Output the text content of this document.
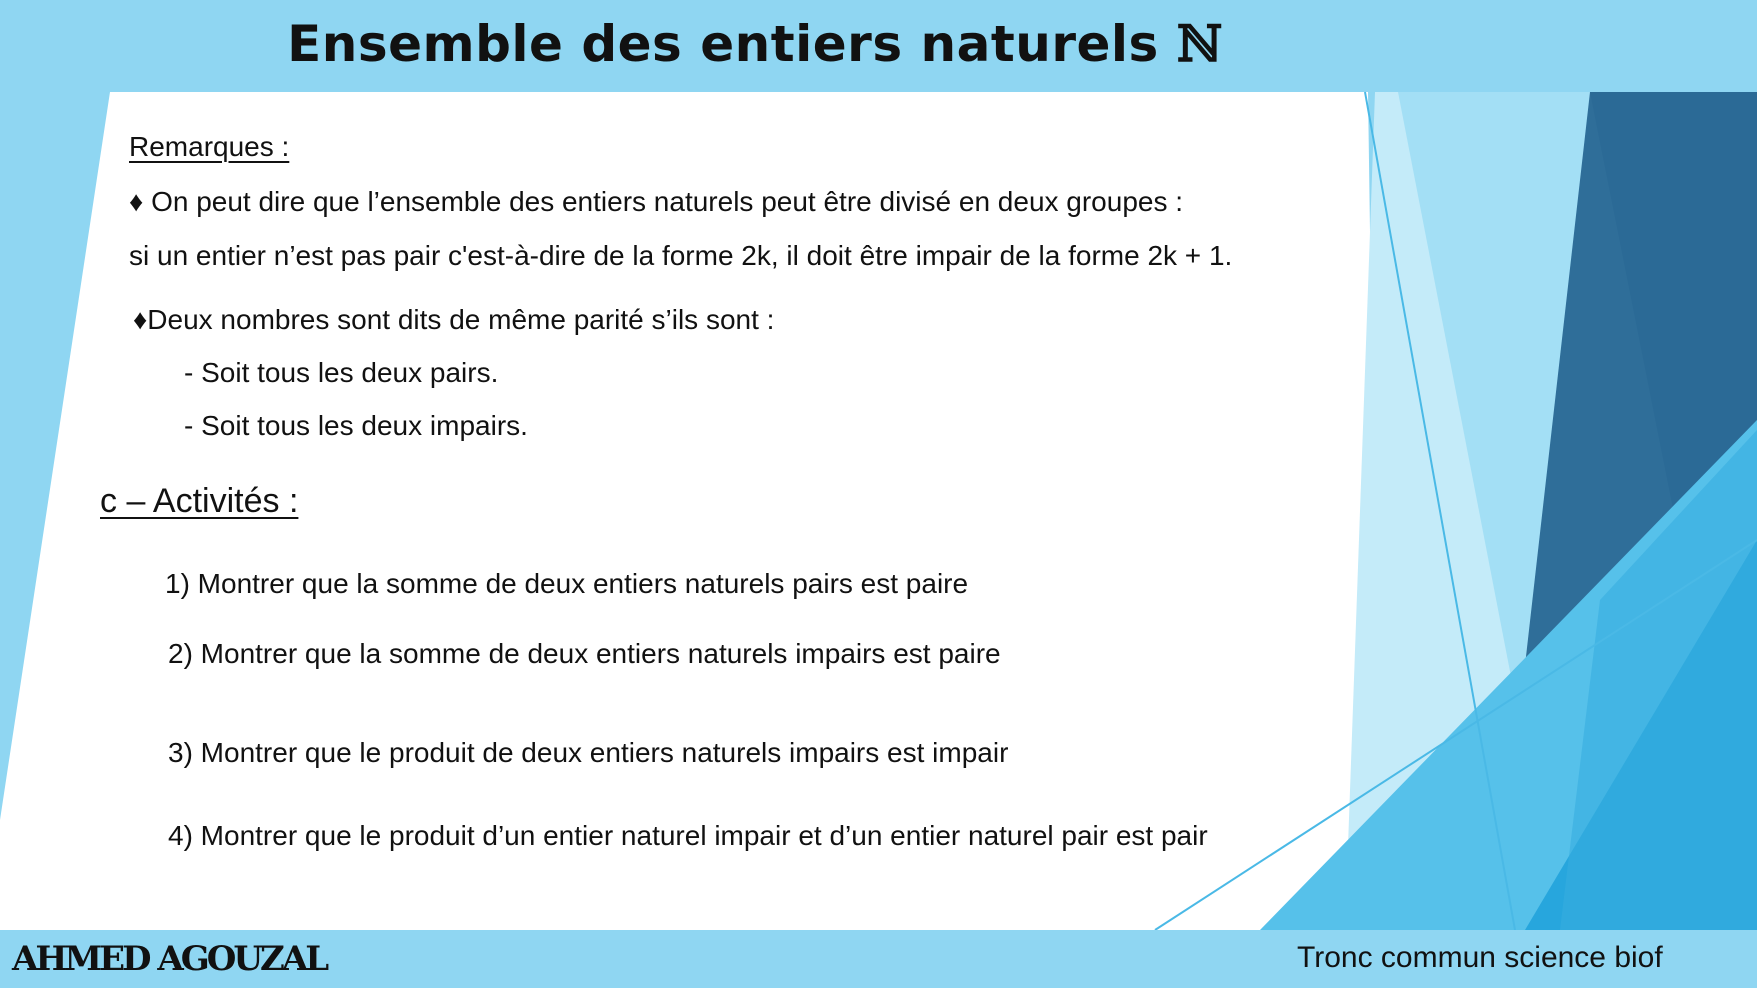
Ensemble des entiers naturels ℕ
Remarques :
♦ On peut dire que l’ensemble des entiers naturels peut être divisé en deux groupes :
si un entier n’est pas pair c'est-à-dire de la forme 2k, il doit être impair de la forme 2k + 1.
♦Deux nombres sont dits de même parité s’ils sont :
- Soit tous les deux pairs.
- Soit tous les deux impairs.
c – Activités :
1) Montrer que la somme de deux entiers naturels pairs est paire
2) Montrer que la somme de deux entiers naturels impairs est paire
3) Montrer que le produit de deux entiers naturels impairs est impair
4) Montrer que le produit d’un entier naturel impair et d’un entier naturel pair est pair
AHMED AGOUZAL	Tronc commun science biof
